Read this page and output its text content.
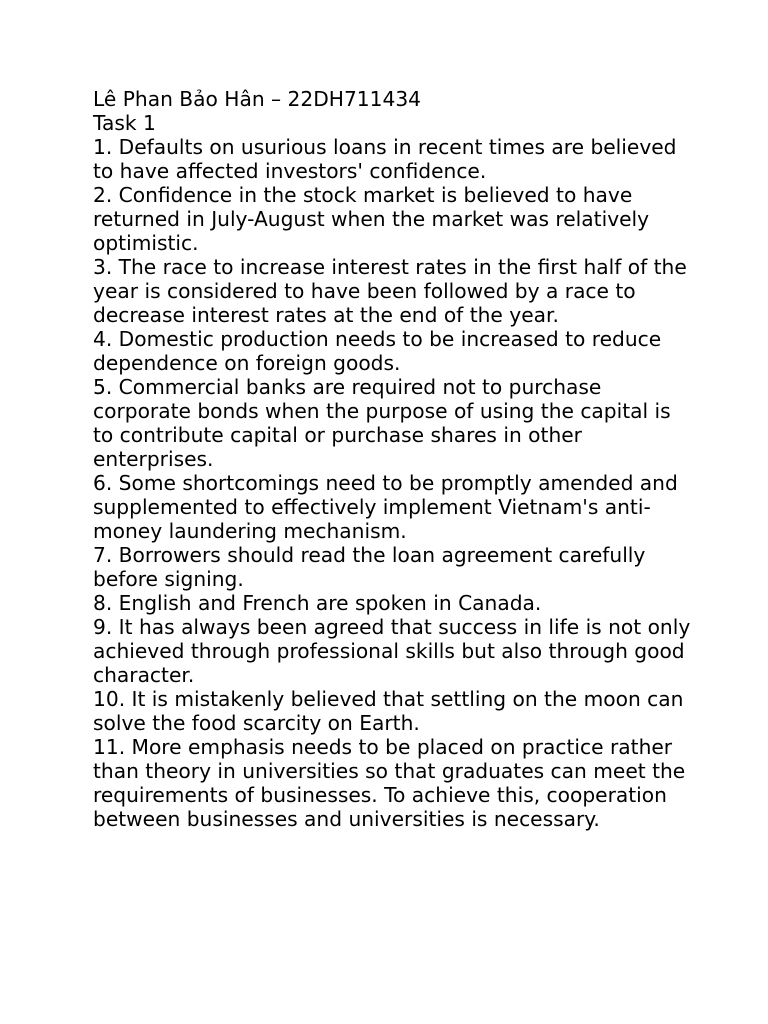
Lê Phan Bảo Hân – 22DH711434

Task 1

1. Defaults on usurious loans in recent times are believed to have affected investors' confidence.

2. Confidence in the stock market is believed to have returned in July-August when the market was relatively optimistic.

3. The race to increase interest rates in the first half of the year is considered to have been followed by a race to decrease interest rates at the end of the year.

4. Domestic production needs to be increased to reduce dependence on foreign goods.

5. Commercial banks are required not to purchase corporate bonds when the purpose of using the capital is to contribute capital or purchase shares in other enterprises.

6. Some shortcomings need to be promptly amended and supplemented to effectively implement Vietnam's anti-money laundering mechanism.

7. Borrowers should read the loan agreement carefully before signing.

8. English and French are spoken in Canada.

9. It has always been agreed that success in life is not only achieved through professional skills but also through good character.

10. It is mistakenly believed that settling on the moon can solve the food scarcity on Earth.

11. More emphasis needs to be placed on practice rather than theory in universities so that graduates can meet the requirements of businesses. To achieve this, cooperation between businesses and universities is necessary.
